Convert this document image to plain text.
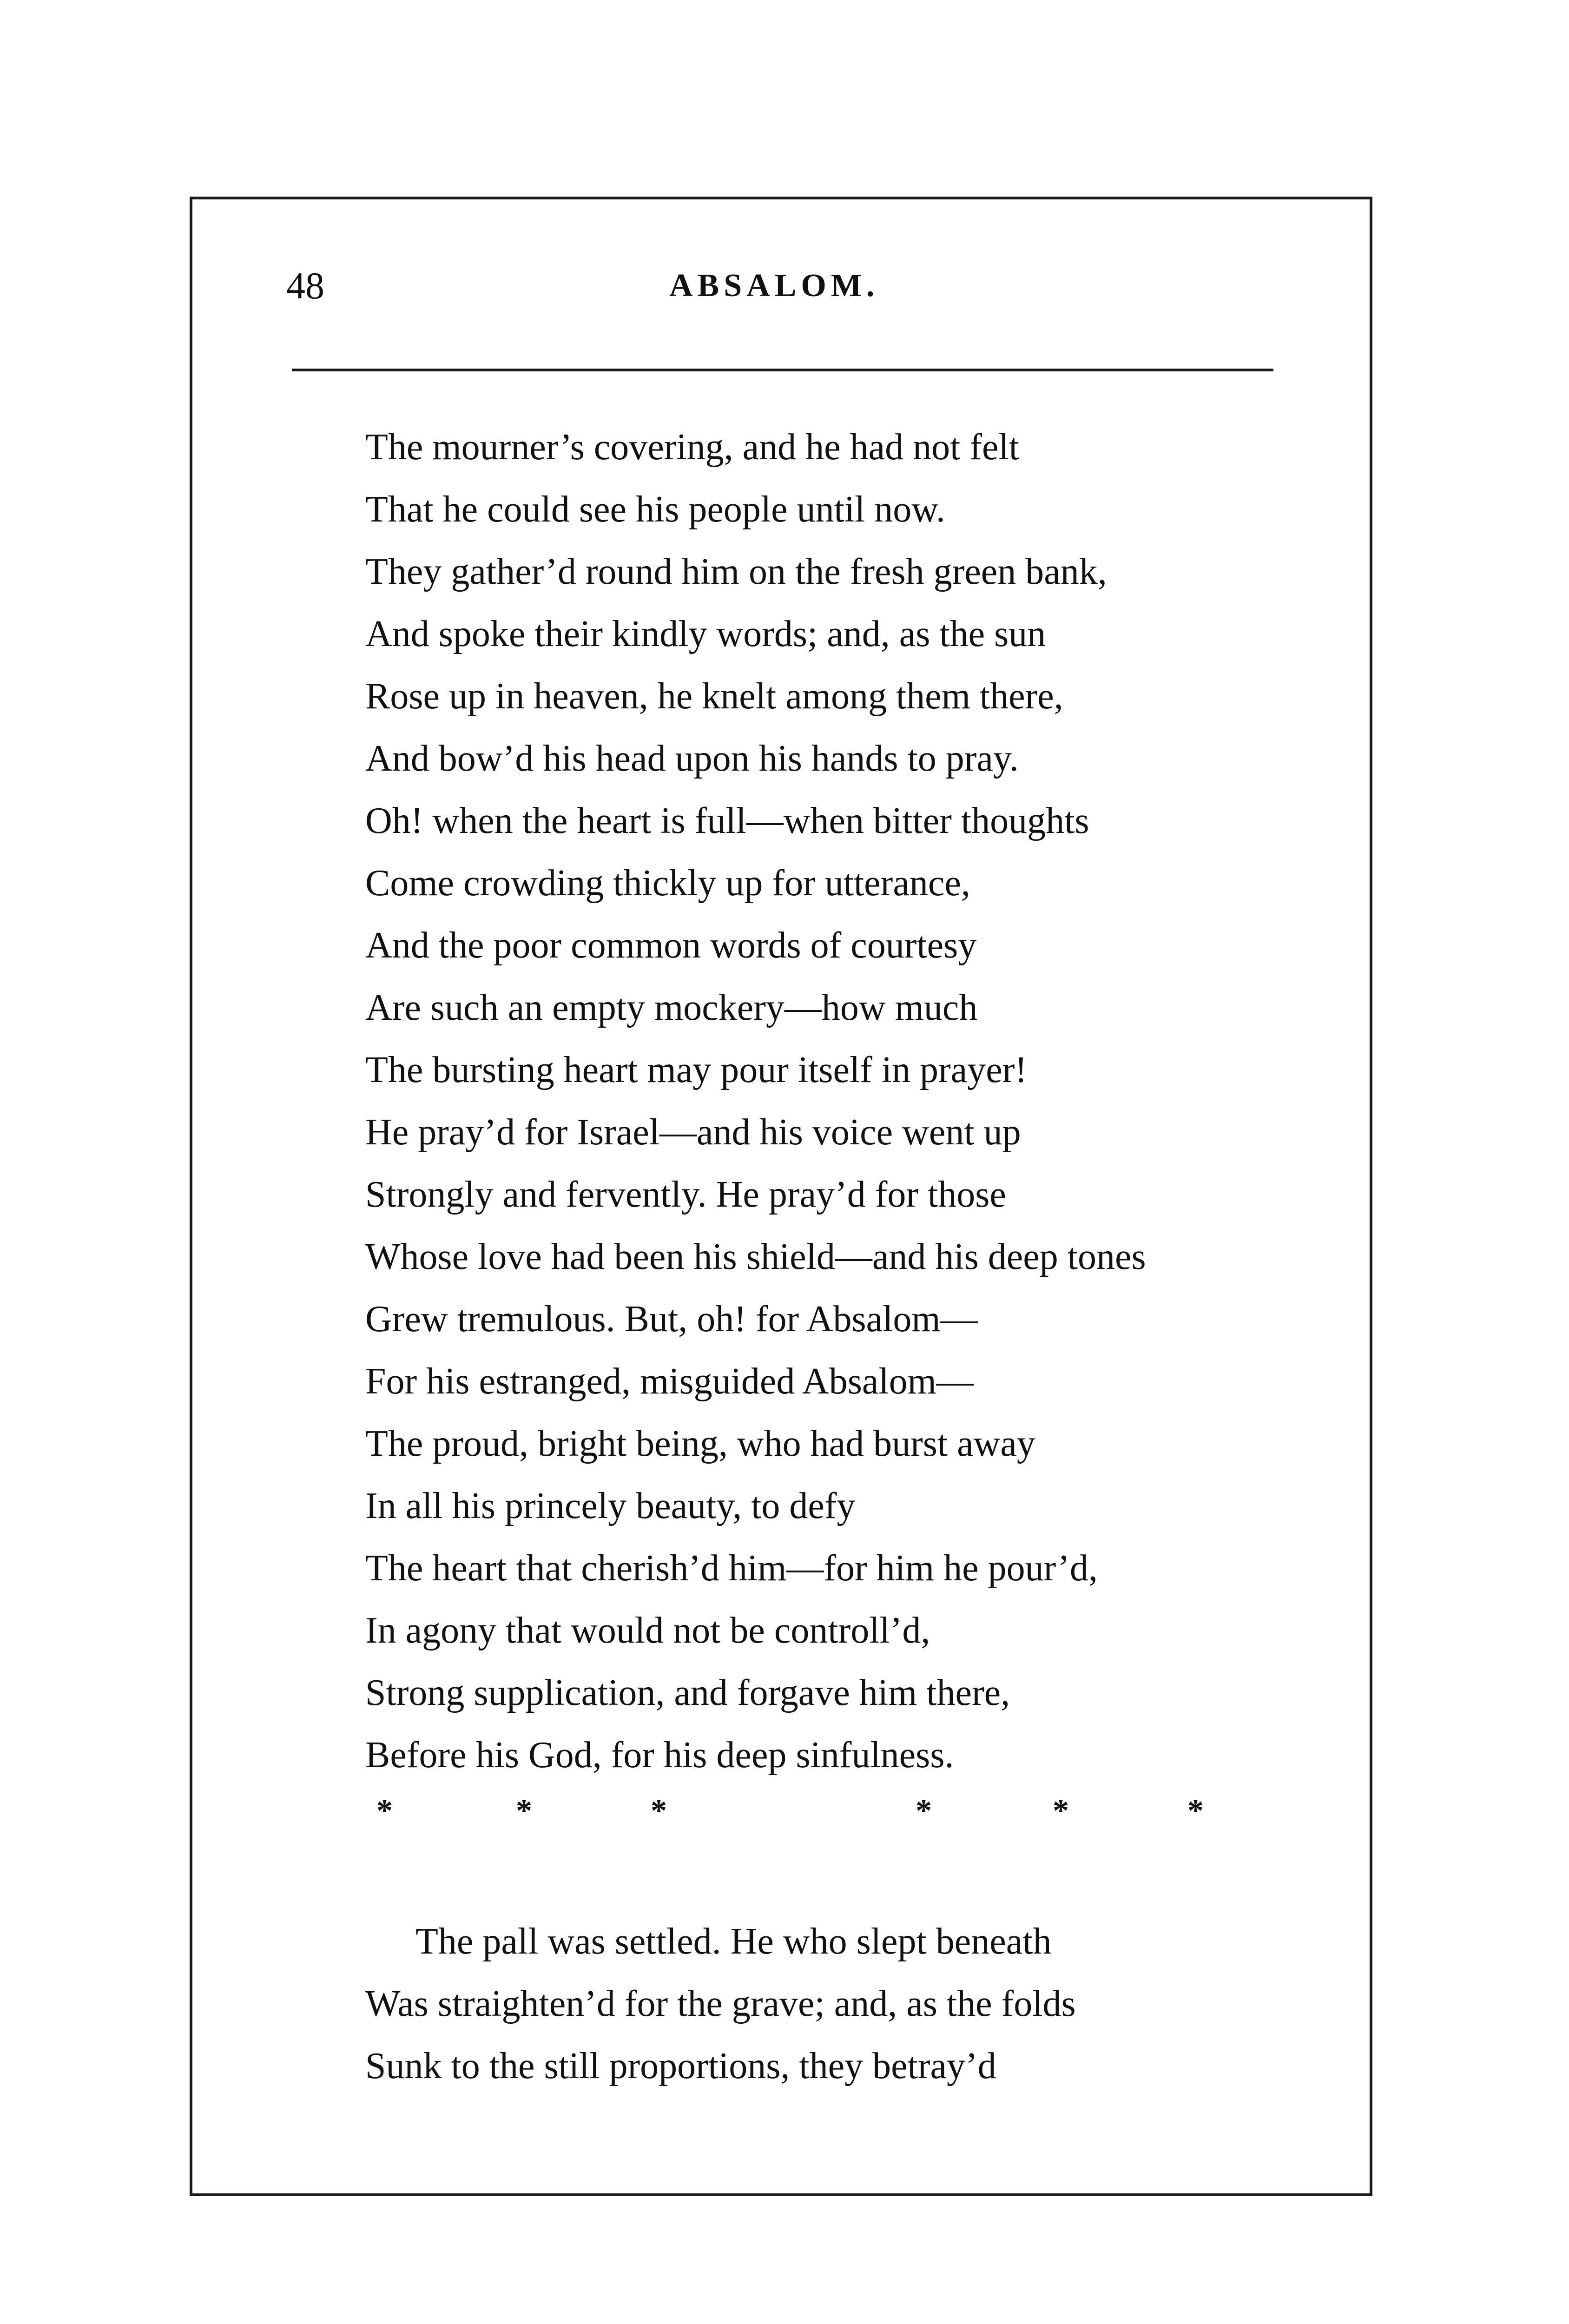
48	ABSALOM.
The mourner’s covering, and he had not felt
That he could see his people until now.
They gather’d round him on the fresh green bank,
And spoke their kindly words; and, as the sun
Rose up in heaven, he knelt among them there,
And bow’d his head upon his hands to pray.
Oh! when the heart is full—when bitter thoughts
Come crowding thickly up for utterance,
And the poor common words of courtesy
Are such an empty mockery—how much
The bursting heart may pour itself in prayer!
He pray’d for Israel—and his voice went up
Strongly and fervently. He pray’d for those
Whose love had been his shield—and his deep tones
Grew tremulous. But, oh! for Absalom—
For his estranged, misguided Absalom—
The proud, bright being, who had burst away
In all his princely beauty, to defy
The heart that cherish’d him—for him he pour’d,
In agony that would not be controll’d,
Strong supplication, and forgave him there,
Before his God, for his deep sinfulness.
*	*	*	*	*	*
The pall was settled. He who slept beneath
Was straighten’d for the grave; and, as the folds
Sunk to the still proportions, they betray’d
